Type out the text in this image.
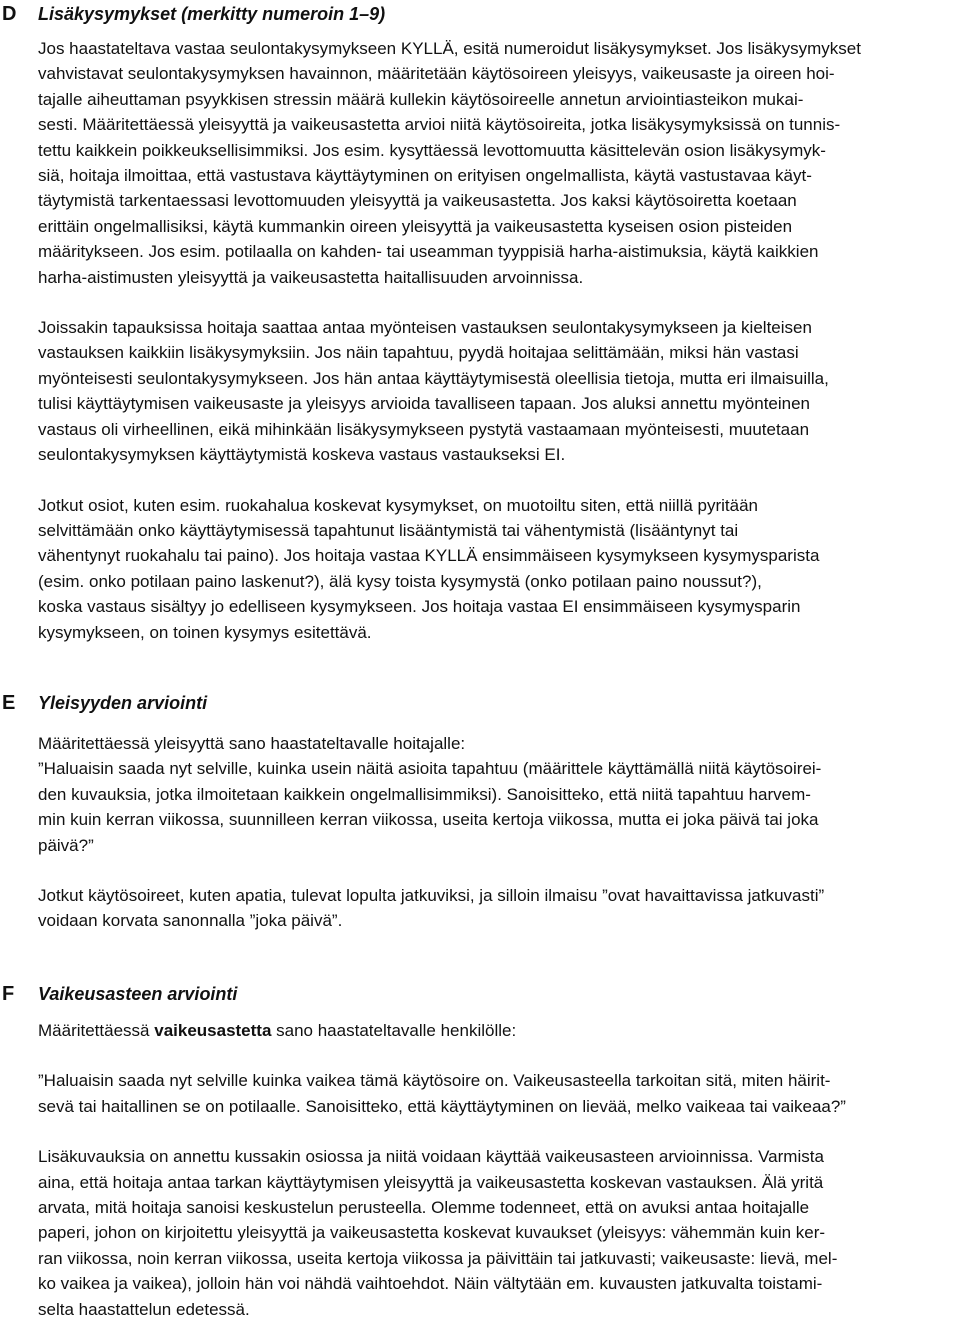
D Lisäkysymykset (merkitty numeroin 1–9)
Jos haastateltava vastaa seulontakysymykseen KYLLÄ, esitä numeroidut lisäkysymykset. Jos lisäkysymykset
vahvistavat seulontakysymyksen havainnon, määritetään käytösoireen yleisyys, vaikeusaste ja oireen hoi-
tajalle aiheuttaman psyykkisen stressin määrä kullekin käytösoireelle annetun arviointiasteikon mukai-
sesti. Määritettäessä yleisyyttä ja vaikeusastetta arvioi niitä käytösoireita, jotka lisäkysymyksissä on tunnis-
tettu kaikkein poikkeuksellisimmiksi. Jos esim. kysyttäessä levottomuutta käsittelevän osion lisäkysymyk-
siä, hoitaja ilmoittaa, että vastustava käyttäytyminen on erityisen ongelmallista, käytä vastustavaa käyt-
täytymistä tarkentaessasi levottomuuden yleisyyttä ja vaikeusastetta. Jos kaksi käytösoiretta koetaan
erittäin ongelmallisiksi, käytä kummankin oireen yleisyyttä ja vaikeusastetta kyseisen osion pisteiden
määritykseen. Jos esim. potilaalla on kahden- tai useamman tyyppisiä harha-aistimuksia, käytä kaikkien
harha-aistimusten yleisyyttä ja vaikeusastetta haitallisuuden arvoinnissa.
Joissakin tapauksissa hoitaja saattaa antaa myönteisen vastauksen seulontakysymykseen ja kielteisen
vastauksen kaikkiin lisäkysymyksiin. Jos näin tapahtuu, pyydä hoitajaa selittämään, miksi hän vastasi
myönteisesti seulontakysymykseen. Jos hän antaa käyttäytymisestä oleellisia tietoja, mutta eri ilmaisuilla,
tulisi käyttäytymisen vaikeusaste ja yleisyys arvioida tavalliseen tapaan. Jos aluksi annettu myönteinen
vastaus oli virheellinen, eikä mihinkään lisäkysymykseen pystytä vastaamaan myönteisesti, muutetaan
seulontakysymyksen käyttäytymistä koskeva vastaus vastaukseksi EI.
Jotkut osiot, kuten esim. ruokahalua koskevat kysymykset, on muotoiltu siten, että niillä pyritään
selvittämään onko käyttäytymisessä tapahtunut lisääntymistä tai vähentymistä (lisääntynyt tai
vähentynyt ruokahalu tai paino). Jos hoitaja vastaa KYLLÄ ensimmäiseen kysymykseen kysymysparista
(esim. onko potilaan paino laskenut?), älä kysy toista kysymystä (onko potilaan paino noussut?),
koska vastaus sisältyy jo edelliseen kysymykseen. Jos hoitaja vastaa EI ensimmäiseen kysymysparin
kysymykseen, on toinen kysymys esitettävä.
E Yleisyyden arviointi
Määritettäessä yleisyyttä sano haastateltavalle hoitajalle:
”Haluaisin saada nyt selville, kuinka usein näitä asioita tapahtuu (määrittele käyttämällä niitä käytösoirei-
den kuvauksia, jotka ilmoitetaan kaikkein ongelmallisimmiksi). Sanoisitteko, että niitä tapahtuu harvem-
min kuin kerran viikossa, suunnilleen kerran viikossa, useita kertoja viikossa, mutta ei joka päivä tai joka
päivä?”
Jotkut käytösoireet, kuten apatia, tulevat lopulta jatkuviksi, ja silloin ilmaisu ”ovat havaittavissa jatkuvasti”
voidaan korvata sanonnalla ”joka päivä”.
F Vaikeusasteen arviointi
Määritettäessä vaikeusastetta sano haastateltavalle henkilölle:
”Haluaisin saada nyt selville kuinka vaikea tämä käytösoire on. Vaikeusasteella tarkoitan sitä, miten häirit-
sevä tai haitallinen se on potilaalle. Sanoisitteko, että käyttäytyminen on lievää, melko vaikeaa tai vaikeaa?”
Lisäkuvauksia on annettu kussakin osiossa ja niitä voidaan käyttää vaikeusasteen arvioinnissa. Varmista
aina, että hoitaja antaa tarkan käyttäytymisen yleisyyttä ja vaikeusastetta koskevan vastauksen. Älä yritä
arvata, mitä hoitaja sanoisi keskustelun perusteella. Olemme todenneet, että on avuksi antaa hoitajalle
paperi, johon on kirjoitettu yleisyyttä ja vaikeusastetta koskevat kuvaukset (yleisyys: vähemmän kuin ker-
ran viikossa, noin kerran viikossa, useita kertoja viikossa ja päivittäin tai jatkuvasti; vaikeusaste: lievä, mel-
ko vaikea ja vaikea), jolloin hän voi nähdä vaihtoehdot. Näin vältytään em. kuvausten jatkuvalta toistami-
selta haastattelun edetessä.
